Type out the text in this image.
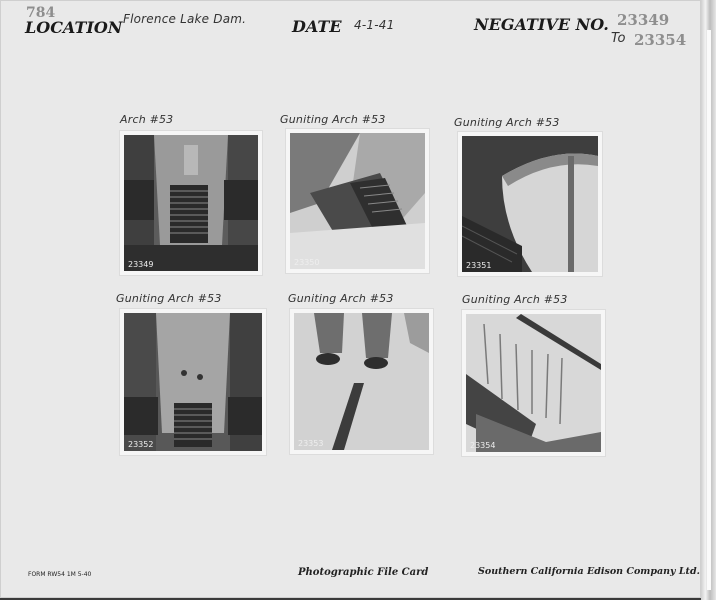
784
LOCATION Florence Lake Dam.	DATE 4-1-41	NEGATIVE NO. 23349
To 23354
Arch #53	Guniting Arch #53	Guniting Arch #53
23349	23350	23351
Guniting Arch #53	Guniting Arch #53	Guniting Arch #53
23352	23353	23354
FORM RW54 1M 5-40	Photographic File Card	Southern California Edison Company Ltd.
